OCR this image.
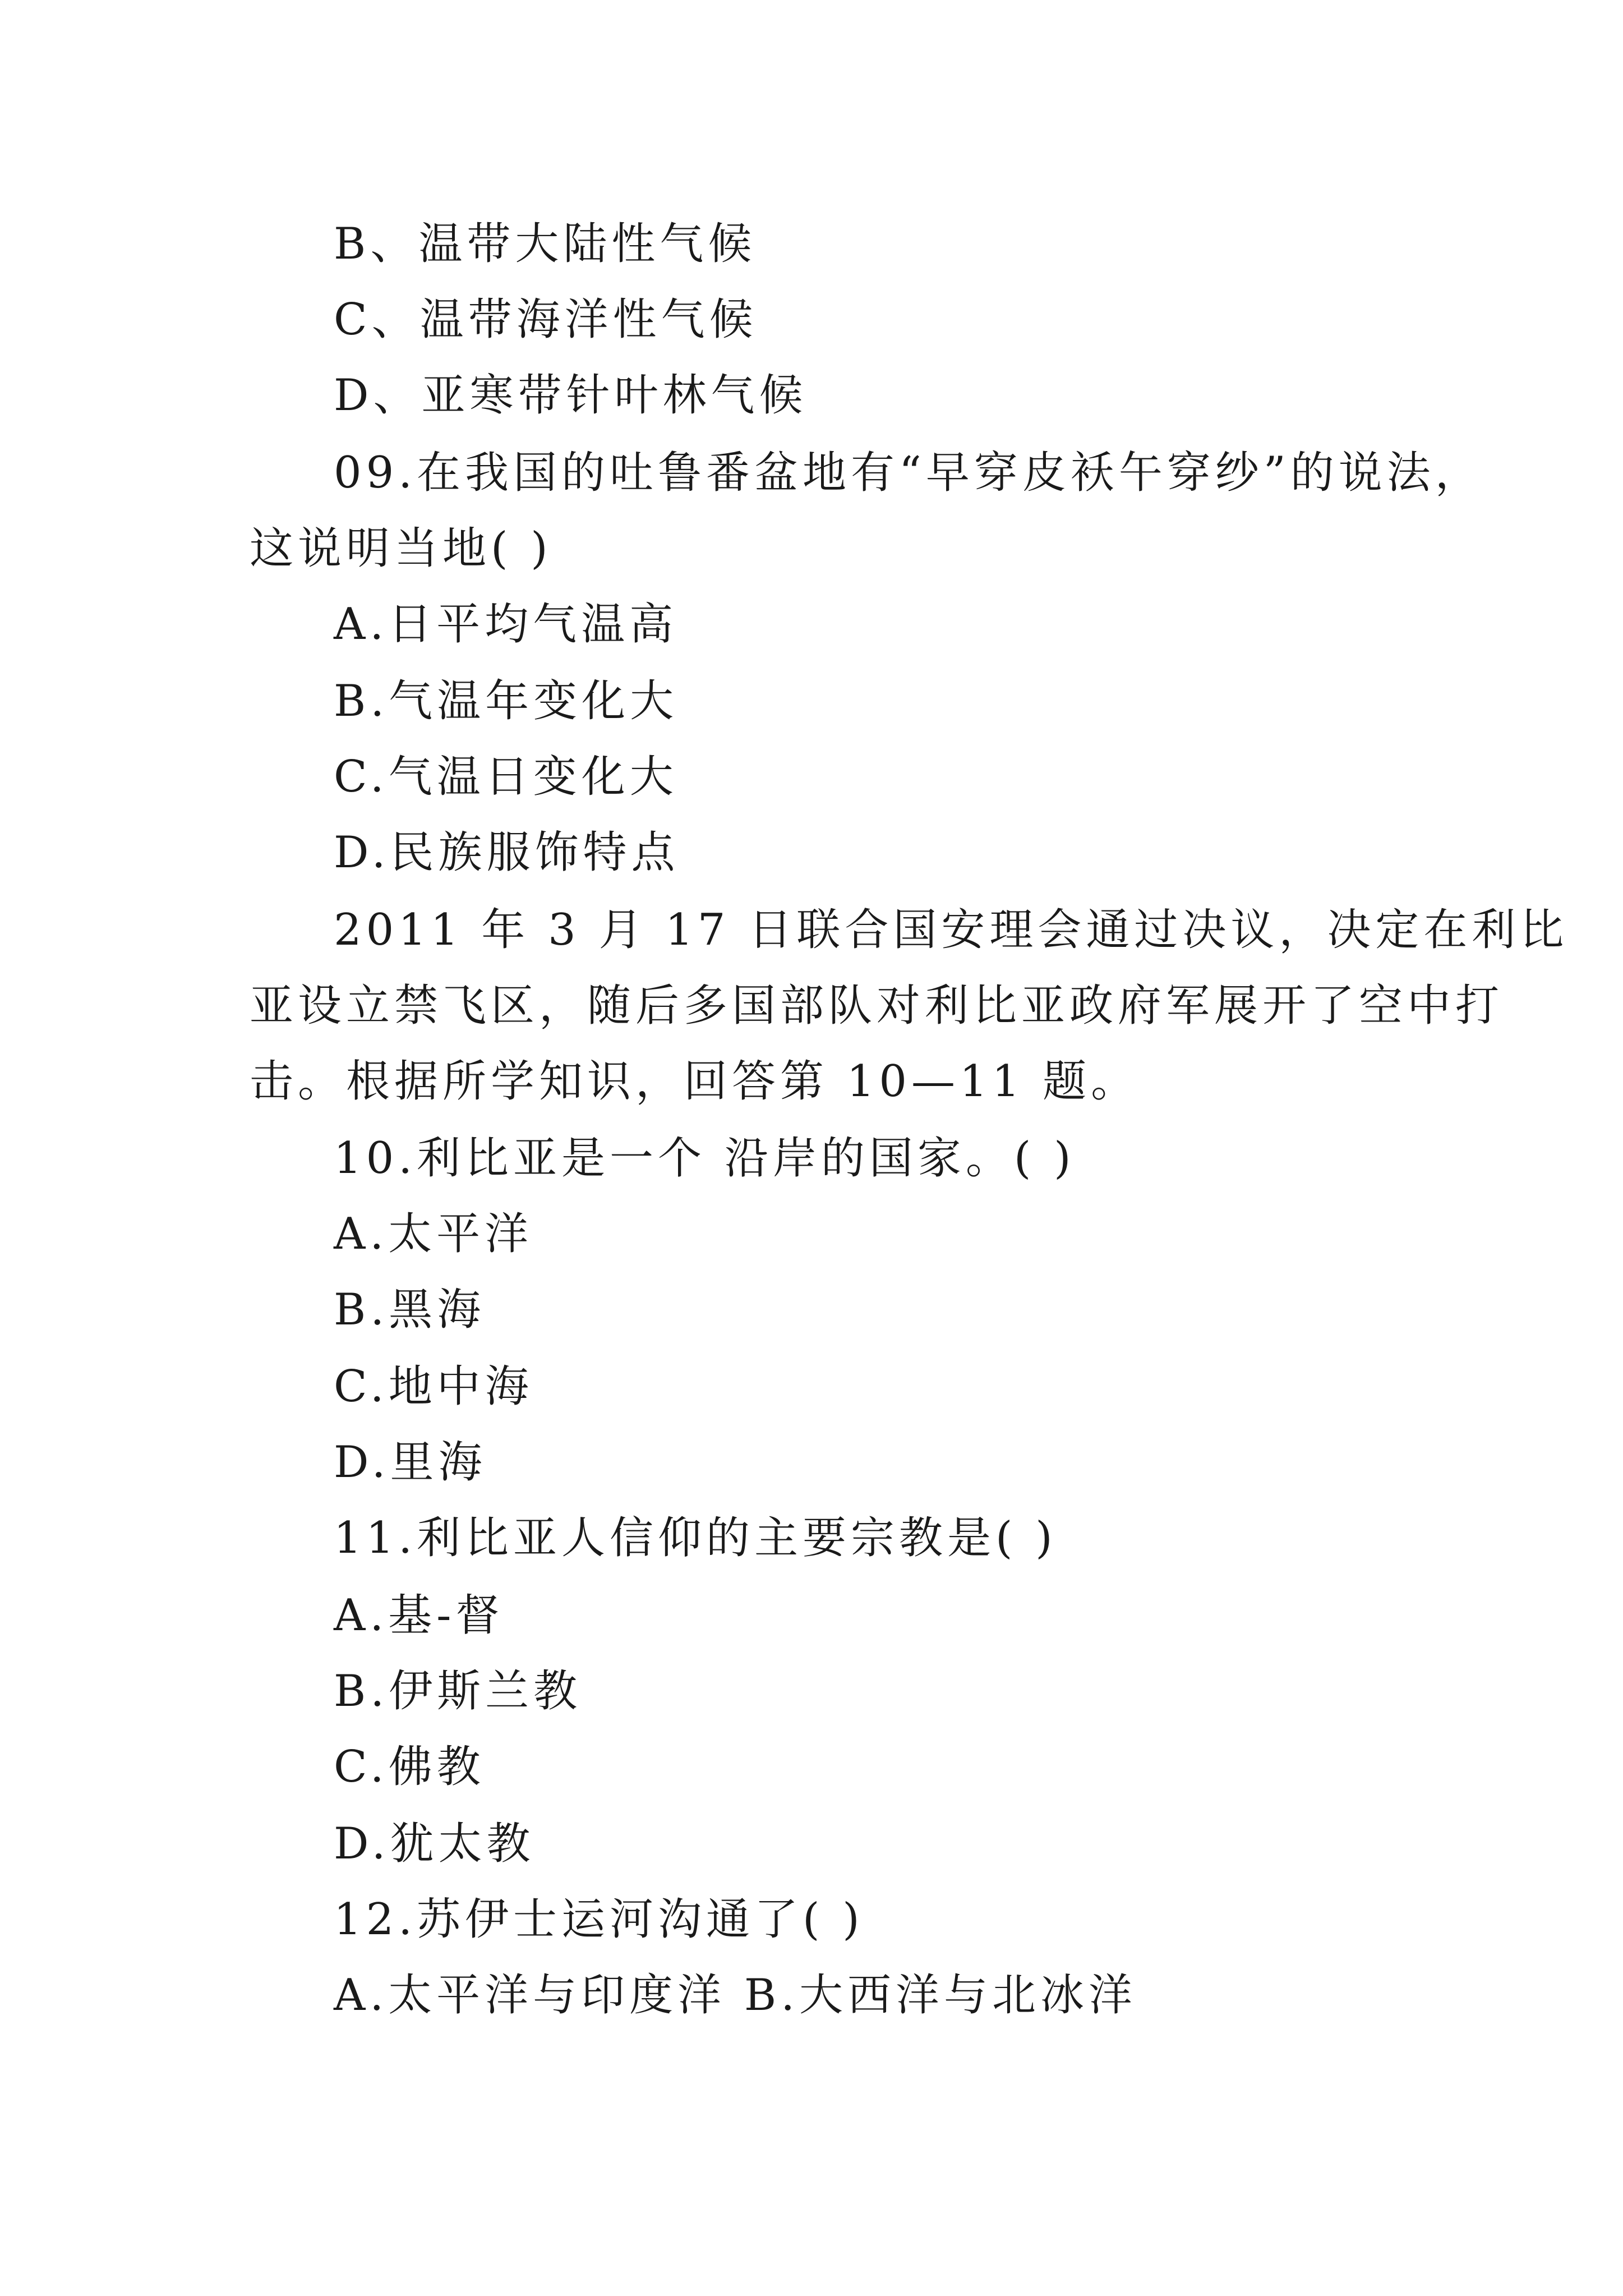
B、温带大陆性气候
C、温带海洋性气候
D、亚寒带针叶林气候
09.在我国的吐鲁番盆地有“早穿皮袄午穿纱”的说法，
这说明当地( )
A.日平均气温高
B.气温年变化大
C.气温日变化大
D.民族服饰特点
2011 年 3 月 17 日联合国安理会通过决议，决定在利比
亚设立禁飞区，随后多国部队对利比亚政府军展开了空中打
击。根据所学知识，回答第 10—11 题。
10.利比亚是一个 沿岸的国家。( )
A.太平洋
B.黑海
C.地中海
D.里海
11.利比亚人信仰的主要宗教是( )
A.基-督
B.伊斯兰教
C.佛教
D.犹太教
12.苏伊士运河沟通了( )
A.太平洋与印度洋 B.大西洋与北冰洋
